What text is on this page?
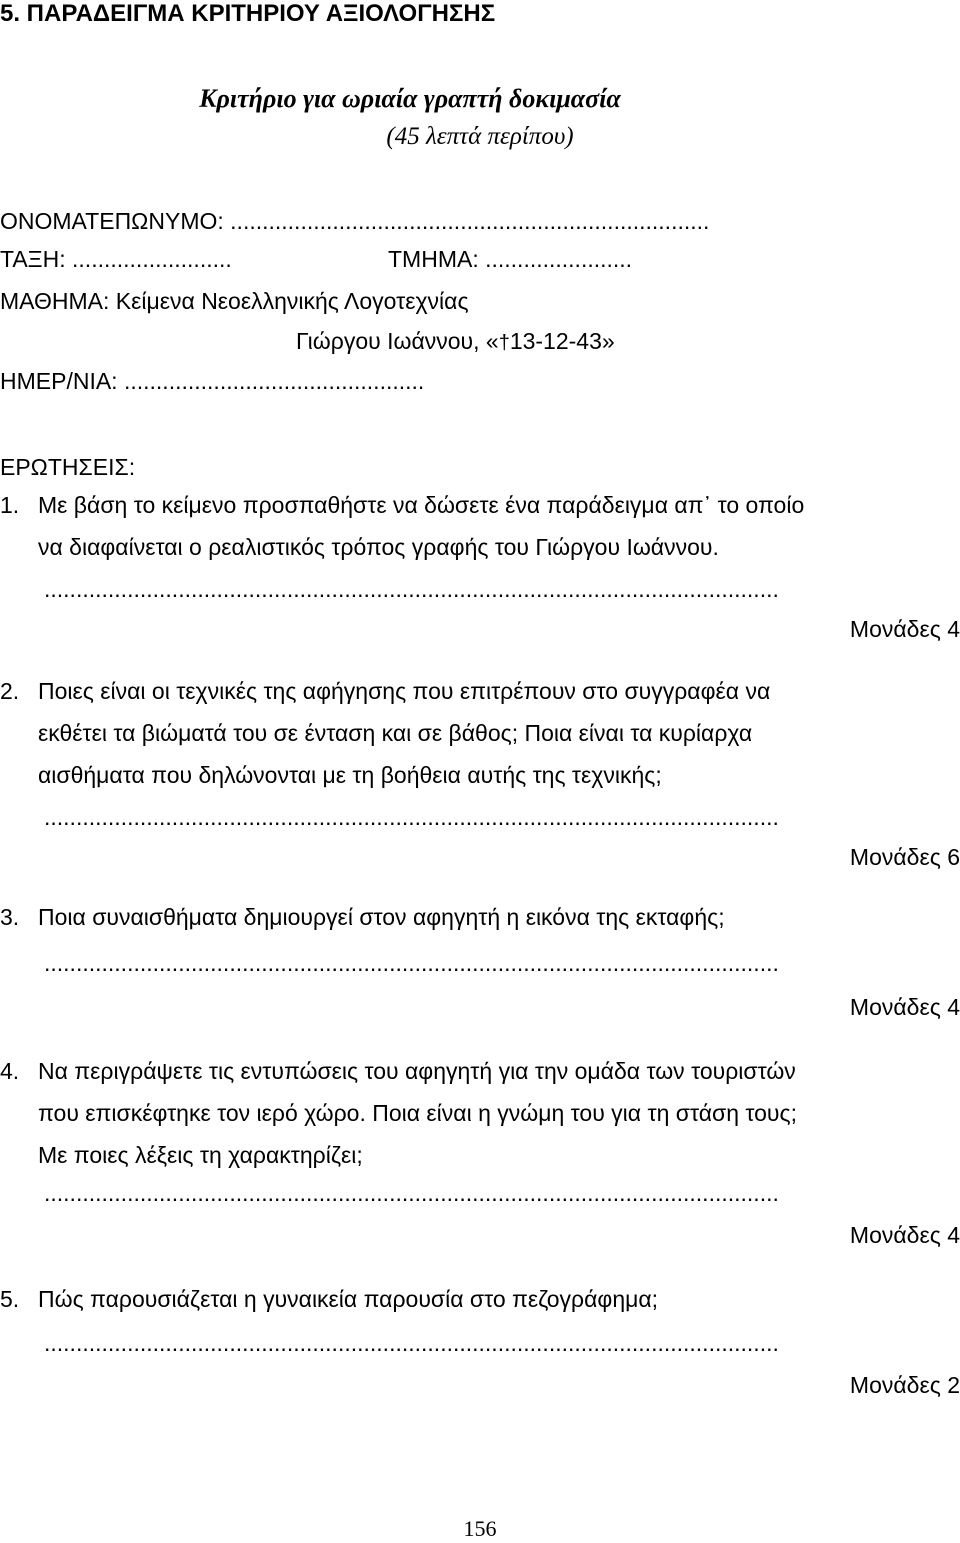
5. ΠΑΡΑΔΕΙΓΜΑ ΚΡΙΤΗΡΙΟΥ ΑΞΙΟΛΟΓΗΣΗΣ
Κριτήριο για ωριαία γραπτή δοκιμασία
(45 λεπτά περίπου)
ΟΝΟΜΑΤΕΠΩΝΥΜΟ: ...........................................................................
ΤΑΞΗ: .........................	ΤΜΗΜΑ: .......................
ΜΑΘΗΜΑ: Κείμενα Νεοελληνικής Λογοτεχνίας
Γιώργου Ιωάννου, «†13-12-43»
ΗΜΕΡ/ΝΙΑ: ...............................................
ΕΡΩΤΗΣΕΙΣ:
1. Με βάση το κείμενο προσπαθήστε να δώσετε ένα παράδειγμα απ᾽ το οποίο
να διαφαίνεται ο ρεαλιστικός τρόπος γραφής του Γιώργου Ιωάννου.
...................................................................................................................
Μονάδες 4
2. Ποιες είναι οι τεχνικές της αφήγησης που επιτρέπουν στο συγγραφέα να
εκθέτει τα βιώματά του σε ένταση και σε βάθος; Ποια είναι τα κυρίαρχα
αισθήματα που δηλώνονται με τη βοήθεια αυτής της τεχνικής;
...................................................................................................................
Μονάδες 6
3. Ποια συναισθήματα δημιουργεί στον αφηγητή η εικόνα της εκταφής;
...................................................................................................................
Μονάδες 4
4. Να περιγράψετε τις εντυπώσεις του αφηγητή για την ομάδα των τουριστών
που επισκέφτηκε τον ιερό χώρο. Ποια είναι η γνώμη του για τη στάση τους;
Με ποιες λέξεις τη χαρακτηρίζει;
...................................................................................................................
Μονάδες 4
5. Πώς παρουσιάζεται η γυναικεία παρουσία στο πεζογράφημα;
...................................................................................................................
Μονάδες 2
156
